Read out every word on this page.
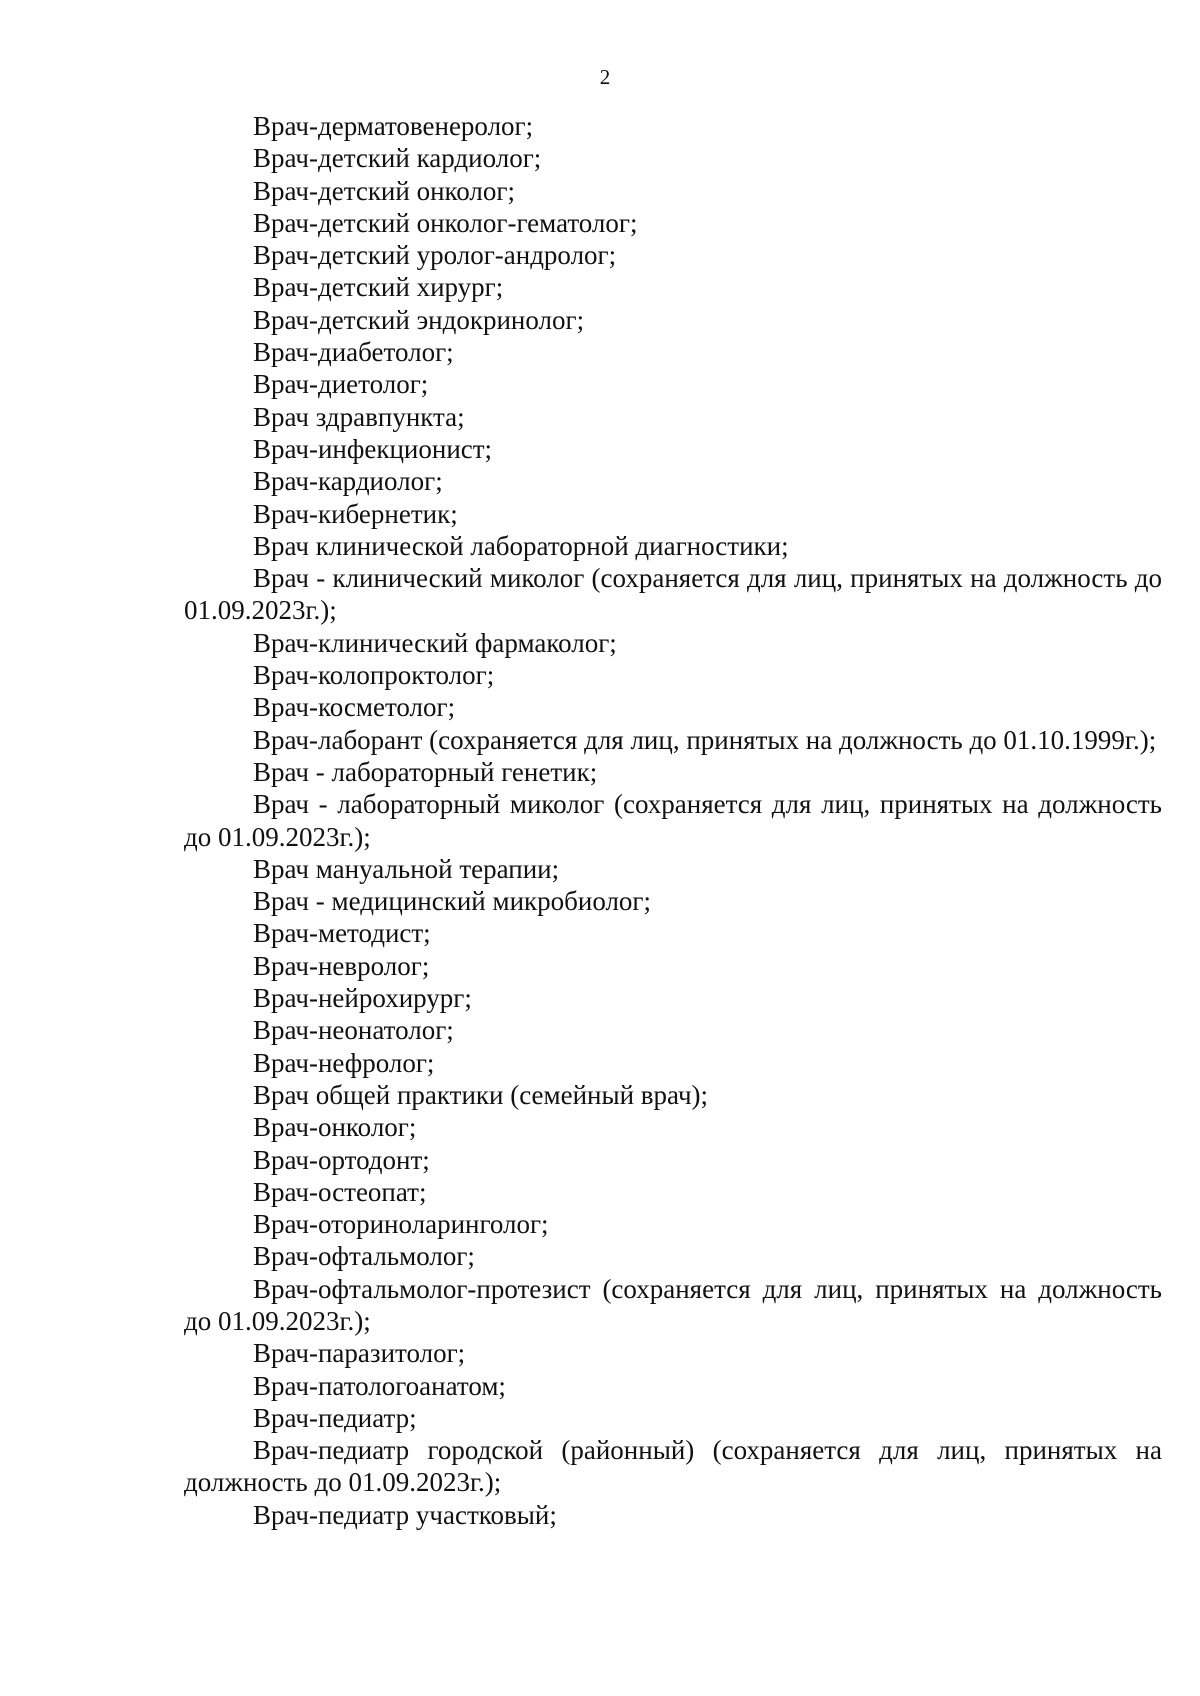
2
Врач-дерматовенеролог;
Врач-детский кардиолог;
Врач-детский онколог;
Врач-детский онколог-гематолог;
Врач-детский уролог-андролог;
Врач-детский хирург;
Врач-детский эндокринолог;
Врач-диабетолог;
Врач-диетолог;
Врач здравпункта;
Врач-инфекционист;
Врач-кардиолог;
Врач-кибернетик;
Врач клинической лабораторной диагностики;
Врач - клинический миколог (сохраняется для лиц, принятых на должность до 01.09.2023г.);
Врач-клинический фармаколог;
Врач-колопроктолог;
Врач-косметолог;
Врач-лаборант (сохраняется для лиц, принятых на должность до 01.10.1999г.);
Врач - лабораторный генетик;
Врач - лабораторный миколог (сохраняется для лиц, принятых на должность до 01.09.2023г.);
Врач мануальной терапии;
Врач - медицинский микробиолог;
Врач-методист;
Врач-невролог;
Врач-нейрохирург;
Врач-неонатолог;
Врач-нефролог;
Врач общей практики (семейный врач);
Врач-онколог;
Врач-ортодонт;
Врач-остеопат;
Врач-оториноларинголог;
Врач-офтальмолог;
Врач-офтальмолог-протезист (сохраняется для лиц, принятых на должность до 01.09.2023г.);
Врач-паразитолог;
Врач-патологоанатом;
Врач-педиатр;
Врач-педиатр городской (районный) (сохраняется для лиц, принятых на должность до 01.09.2023г.);
Врач-педиатр участковый;
